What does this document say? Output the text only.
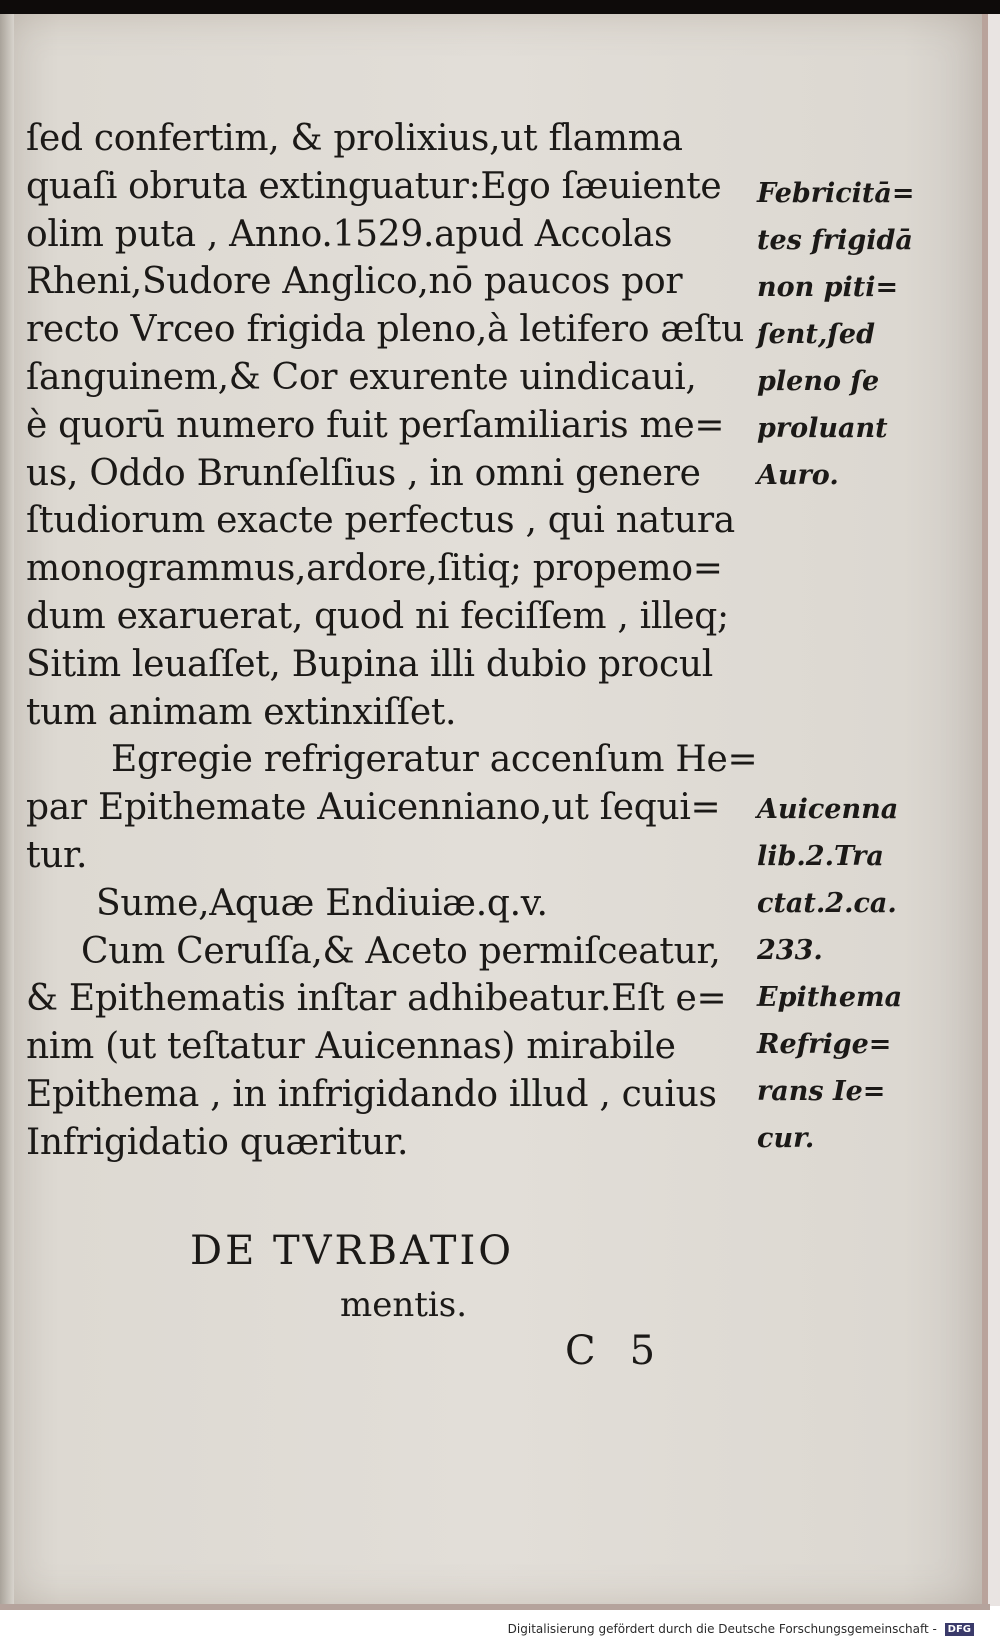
ſed confertim, & prolixius,ut flamma
quaſi obruta extinguatur:Ego ſæuiente
olim puta , Anno.1529.apud Accolas
Rheni,Sudore Anglico,nō paucos por
recto Vrceo frigida pleno,à letifero æſtu
ſanguinem,& Cor exurente uindicaui,
è quorū numero fuit perſamiliaris me=
us, Oddo Brunſelſius , in omni genere
ſtudiorum exacte perfectus , qui natura
monogrammus,ardore,ſitiq; propemo=
dum exaruerat, quod ni feciſſem , illeq;
Sitim leuaſſet, Bupina illi dubio procul
tum animam extinxiſſet.
Egregie refrigeratur accenſum He=
par Epithemate Auicenniano,ut ſequi=
tur.
Sume,Aquæ Endiuiæ.q.v.
Cum Ceruſſa,& Aceto permiſceatur,
& Epithematis inſtar adhibeatur.Eſt e=
nim (ut teſtatur Auicennas) mirabile
Epithema , in infrigidando illud , cuius
Infrigidatio quæritur.
Febricitā=
tes frigidā
non piti=
ſent,ſed
pleno ſe
proluant
Auro.
Auicenna
lib.2.Tra
ctat.2.ca.
233.
Epithema
Refrige=
rans Ie=
cur.
DE TVRBATIO
mentis.
C5
Digitalisierung gefördert durch die Deutsche Forschungsgemeinschaft - DFG
